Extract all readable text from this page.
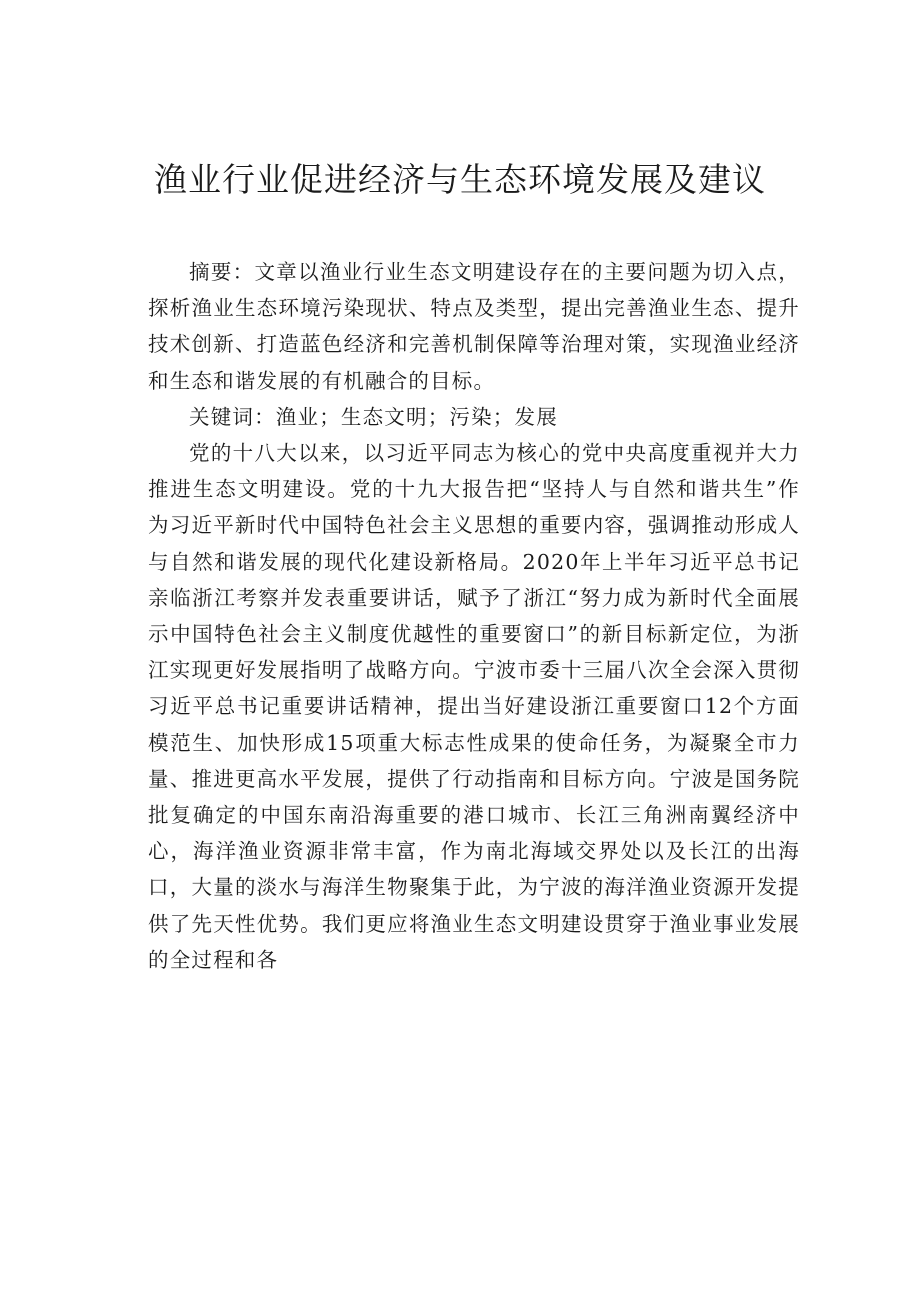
渔业行业促进经济与生态环境发展及建议

摘要：文章以渔业行业生态文明建设存在的主要问题为切入点，探析渔业生态环境污染现状、特点及类型，提出完善渔业生态、提升技术创新、打造蓝色经济和完善机制保障等治理对策，实现渔业经济和生态和谐发展的有机融合的目标。

关键词：渔业；生态文明；污染；发展

党的十八大以来，以习近平同志为核心的党中央高度重视并大力推进生态文明建设。党的十九大报告把“坚持人与自然和谐共生”作为习近平新时代中国特色社会主义思想的重要内容，强调推动形成人与自然和谐发展的现代化建设新格局。2020年上半年习近平总书记亲临浙江考察并发表重要讲话，赋予了浙江“努力成为新时代全面展示中国特色社会主义制度优越性的重要窗口”的新目标新定位，为浙江实现更好发展指明了战略方向。宁波市委十三届八次全会深入贯彻习近平总书记重要讲话精神，提出当好建设浙江重要窗口12个方面模范生、加快形成15项重大标志性成果的使命任务，为凝聚全市力量、推进更高水平发展，提供了行动指南和目标方向。宁波是国务院批复确定的中国东南沿海重要的港口城市、长江三角洲南翼经济中心，海洋渔业资源非常丰富，作为南北海域交界处以及长江的出海口，大量的淡水与海洋生物聚集于此，为宁波的海洋渔业资源开发提供了先天性优势。我们更应将渔业生态文明建设贯穿于渔业事业发展的全过程和各
